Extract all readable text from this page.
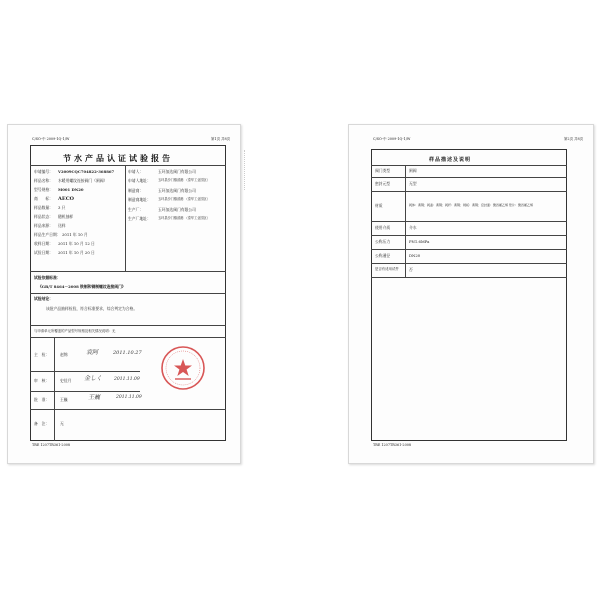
C/SO-中 2009-1Q-1/W	第1页 共8页
节水产品认证试验报告
申请编号： V2009CQC704822-368867
样品名称： 水暖用螺纹连接阀门（闸阀）
型号规格： M001 DN20
商　　标： AECO
样品数量： 3 只
样品状态： 随机抽样
样品来源： 送样
样品生产日期： 2011 年 10 月
收样日期： 2011 年 10 月 12 日
试验日期： 2011 年 10 月 20 日
申请人：	玉环加达阀门有限公司
申请人地址： 玉环县沙门镇滨港 （泰华工业园区）
制造商：	玉环加达阀门有限公司
制造商地址： 玉环县沙门镇滨港 （泰华工业园区）
生产厂：	玉环加达阀门有限公司
生产厂地址： 玉环县沙门镇滨港 （泰华工业园区）
试验依据标准：
《GB/T 8464－2008 铁制和铜制螺纹连接阀门》
试验结论：
该批产品抽样检验，符合标准要求，综合判定为合格。
与申请单元所覆盖的产品型号规格及相关情况说明：无
主　检：	赵锦	袁阿	2011.10.27
审　核：	史佳月 金しく	2011.11.09
批　准：	王巍	王巍	2011.11.09
备　注：	无
TRE 1207TR361-2008
C/SO-中 2009-1Q-1/W	第2页 共8页
样品描述及说明
阀门类型	闸阀
密封元型	无型
材质	阀体：黄铜；阀盖：黄铜；阀杆：黄铜；闸板：黄铜；密封面：聚四氟乙烯 垫片：聚四氟乙烯
使用介质	介水
公称压力	PN1.6MPa
公称通径	DN20
是否有适用试件	否
TRE 1207TR361-2008
